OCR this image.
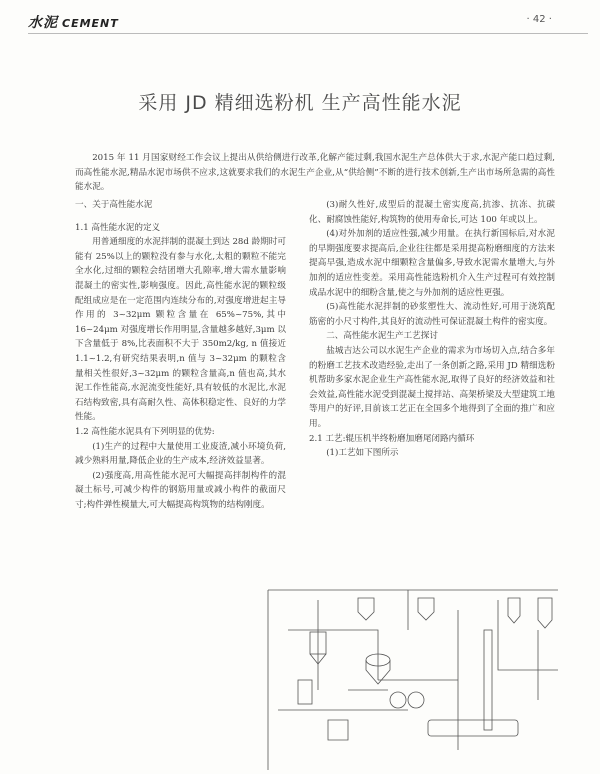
水泥 CEMENT	· 42 ·
采用 JD 精细选粉机 生产高性能水泥
2015 年 11 月国家财经工作会议上提出从供给侧进行改革,化解产能过剩,我国水泥生产总体供大于求,水泥产能口趋过剩,而高性能水泥,精品水泥市场供不应求,这就要求我们的水泥生产企业,从“供给侧”不断的进行技术创新,生产出市场所急需的高性能水泥。

一、关于高性能水泥

1.1 高性能水泥的定义

用普通细度的水泥拌制的混凝土到达 28d 龄期时可能有 25%以上的颗粒没有参与水化,太粗的颗粒不能完全水化,过细的颗粒会结团增大孔隙率,增大需水量影响混凝土的密实性,影响强度。因此,高性能水泥的颗粒级配组成应是在一定范围内连续分布的,对强度增进起主导作用的 3~32μm 颗粒含量在 65%~75%,其中 16~24μm 对强度增长作用明显,含量越多越好,3μm 以下含量低于 8%,比表面积不大于 350m2/kg, n 值接近 1.1~1.2,有研究结果表明,n 值与 3~32μm 的颗粒含量相关性很好,3~32μm 的颗粒含量高,n 值也高,其水泥工作性能高,水泥流变性能好,具有较低的水泥比,水泥石结构致密,具有高耐久性、高体积稳定性、良好的力学性能。

1.2 高性能水泥具有下列明显的优势:

(1)生产的过程中大量使用工业废渣,减小环境负荷,减少熟料用量,降低企业的生产成本,经济效益显著。

(2)强度高,用高性能水泥可大幅提高拌制构件的混凝土标号,可减少构件的钢筋用量或减小构件的截面尺寸;构件弹性模量大,可大幅提高构筑物的结构刚度。

(3)耐久性好,成型后的混凝土密实度高,抗渗、抗冻、抗碳化、耐腐蚀性能好,构筑物的使用寿命长,可达 100 年或以上。

(4)对外加剂的适应性强,减少用量。在执行新国标后,对水泥的早期强度要求提高后,企业往往都是采用提高粉磨细度的方法来提高早强,造成水泥中细颗粒含量偏多,导致水泥需水量增大,与外加剂的适应性变差。采用高性能选粉机介入生产过程可有效控制成品水泥中的细粉含量,使之与外加剂的适应性更强。

(5)高性能水泥拌制的砂浆塑性大、流动性好,可用于浇筑配筋密的小尺寸构件,其良好的流动性可保证混凝土构件的密实度。

二、高性能水泥生产工艺探讨

盐城吉达公司以水泥生产企业的需求为市场切入点,结合多年的粉磨工艺技术改造经验,走出了一条创新之路,采用 JD 精细选粉机帮助多家水泥企业生产高性能水泥,取得了良好的经济效益和社会效益,高性能水泥受到混凝土搅拌站、高架桥梁及大型建筑工地等用户的好评,目前该工艺正在全国多个地得到了全面的推广和应用。

2.1 工艺:辊压机半终粉磨加磨尾闭路内循环

(1)工艺如下图所示
